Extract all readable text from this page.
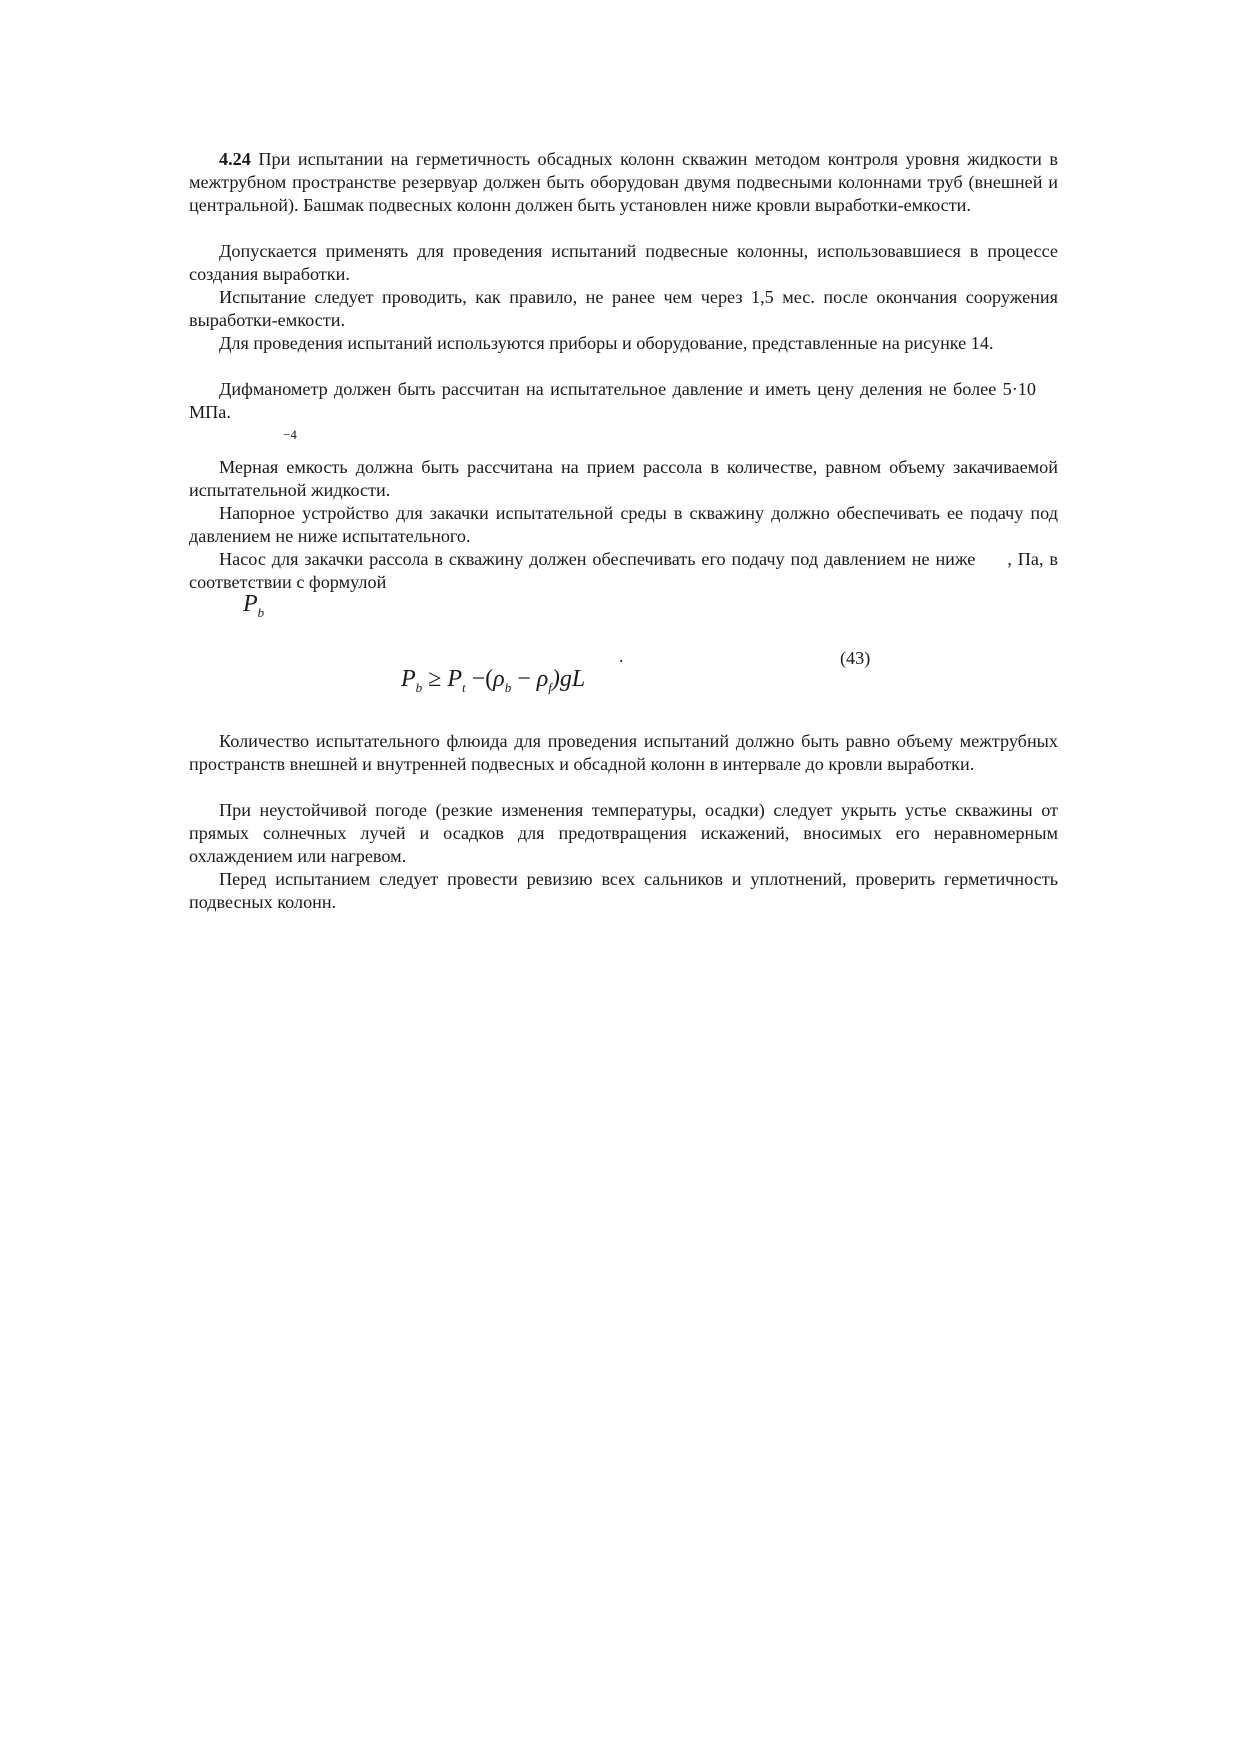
4.24 При испытании на герметичность обсадных колонн скважин методом контроля уровня жидкости в межтрубном пространстве резервуар должен быть оборудован двумя подвесными колоннами труб (внешней и центральной). Башмак подвесных колонн должен быть установлен ниже кровли выработки-емкости.

Допускается применять для проведения испытаний подвесные колонны, использовавшиеся в процессе создания выработки.

Испытание следует проводить, как правило, не ранее чем через 1,5 мес. после окончания сооружения выработки-емкости.

Для проведения испытаний используются приборы и оборудование, представленные на рисунке 14.

Дифманометр должен быть рассчитан на испытательное давление и иметь цену деления не более 5·10МПа.

−4

Мерная емкость должна быть рассчитана на прием рассола в количестве, равном объему закачиваемой испытательной жидкости.

Напорное устройство для закачки испытательной среды в скважину должно обеспечивать ее подачу под давлением не ниже испытательного.

Насос для закачки рассола в скважину должен обеспечивать его подачу под давлением не ниже , Па, в соответствии с формулой

$P_b$
$P_b \ge P_t -(\rho_b - \rho_f)gL$
.	(43)

Количество испытательного флюида для проведения испытаний должно быть равно объему межтрубных пространств внешней и внутренней подвесных и обсадной колонн в интервале до кровли выработки.

При неустойчивой погоде (резкие изменения температуры, осадки) следует укрыть устье скважины от прямых солнечных лучей и осадков для предотвращения искажений, вносимых его неравномерным охлаждением или нагревом.

Перед испытанием следует провести ревизию всех сальников и уплотнений, проверить герметичность подвесных колонн.
